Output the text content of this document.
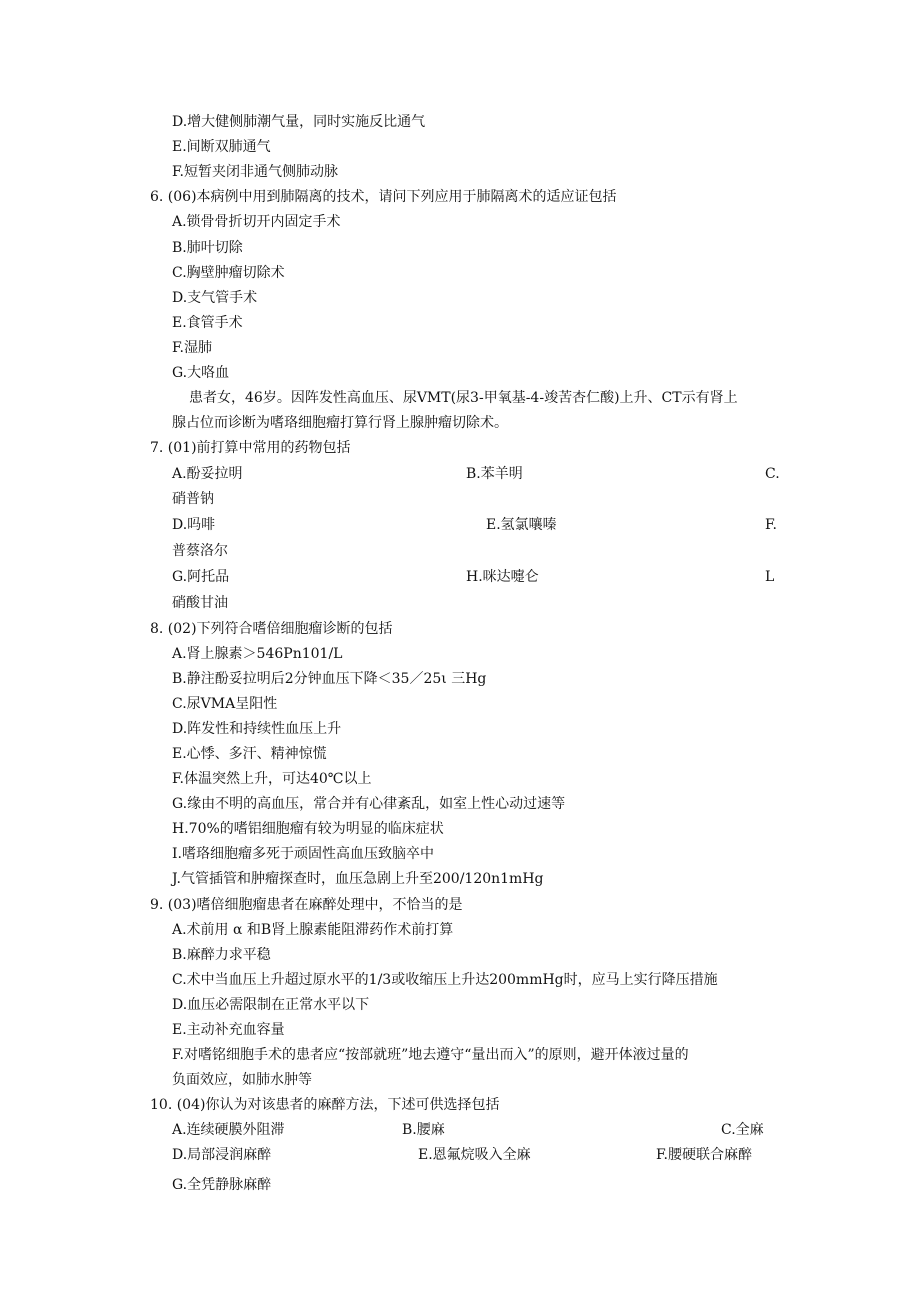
D.增大健侧肺潮气量，同时实施反比通气
E.间断双肺通气
F.短暂夹闭非通气侧肺动脉
6. (06)本病例中用到肺隔离的技术，请问下列应用于肺隔离术的适应证包括
A.锁骨骨折切开内固定手术
B.肺叶切除
C.胸壁肿瘤切除术
D.支气管手术
E.食管手术
F.湿肺
G.大咯血
患者女，46岁。因阵发性高血压、尿VMT(尿3-甲氧基-4-竣苦杏仁酸)上升、CT示有肾上
腺占位而诊断为嗜珞细胞瘤打算行肾上腺肿瘤切除术。
7. (01)前打算中常用的药物包括
A.酚妥拉明	B.苯羊明	C.
硝普钠
D.吗啡	E.氢氯嚷嗪	F.
普蔡洛尔
G.阿托品	H.咪达嚏仑	L
硝酸甘油
8. (02)下列符合嗜倍细胞瘤诊断的包括
A.肾上腺素＞546Pn101/L
B.静注酚妥拉明后2分钟血压下降＜35／25ι 三Hg
C.尿VMA呈阳性
D.阵发性和持续性血压上升
E.心悸、多汗、精神惊慌
F.体温突然上升，可达40℃以上
G.缘由不明的高血压，常合并有心律紊乱，如室上性心动过速等
H.70%的嗜铝细胞瘤有较为明显的临床症状
I.嗜珞细胞瘤多死于顽固性高血压致脑卒中
J.气管插管和肿瘤探查时，血压急剧上升至200/120n1mHg
9. (03)嗜倍细胞瘤患者在麻醉处理中，不恰当的是
A.术前用 α 和B肾上腺素能阻滞药作术前打算
B.麻醉力求平稳
C.术中当血压上升超过原水平的1/3或收缩压上升达200mmHg时，应马上实行降压措施
D.血压必需限制在正常水平以下
E.主动补充血容量
F.对嗜铭细胞手术的患者应“按部就班”地去遵守“量出而入”的原则，避开体液过量的
负面效应，如肺水肿等
10. (04)你认为对该患者的麻醉方法，下述可供选择包括
A.连续硬膜外阻滞	B.腰麻	C.全麻
D.局部浸润麻醉	E.恩氟烷吸入全麻	F.腰硬联合麻醉
G.全凭静脉麻醉
